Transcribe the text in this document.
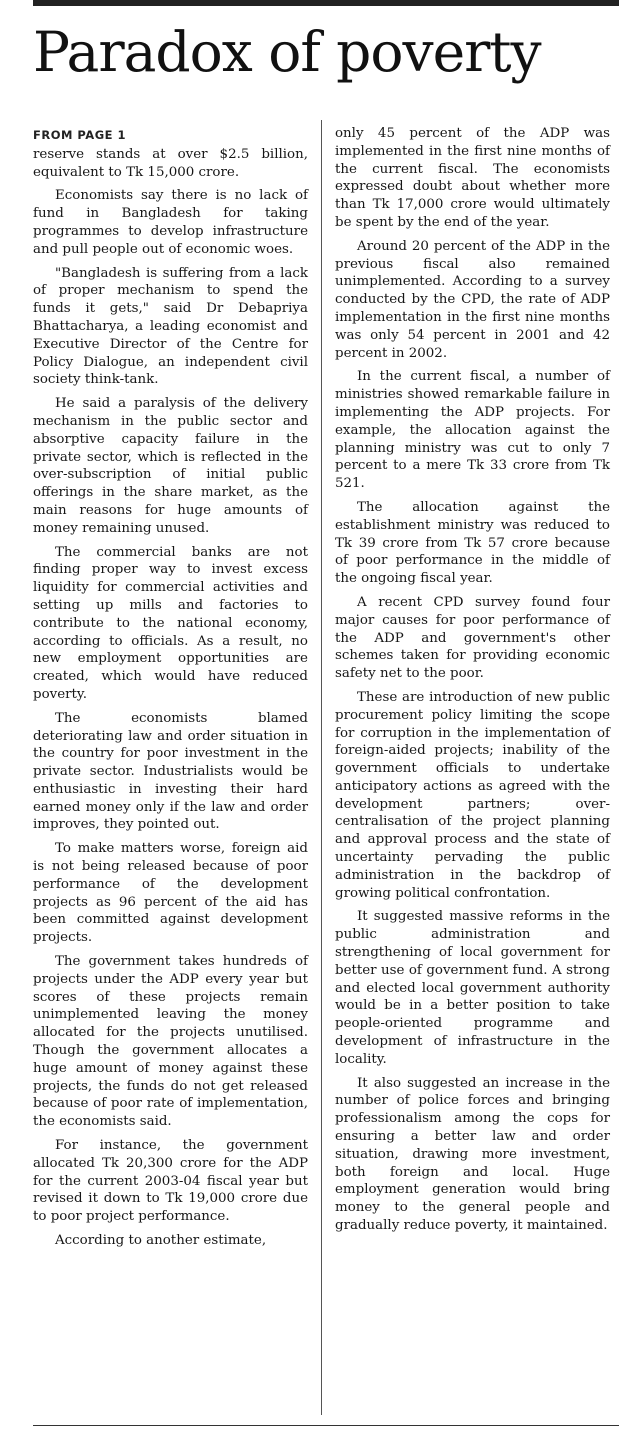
Paradox of poverty
FROM PAGE 1

reserve stands at over $2.5 billion, equivalent to Tk 15,000 crore.

Economists say there is no lack of fund in Bangladesh for taking programmes to develop infrastructure and pull people out of economic woes.

"Bangladesh is suffering from a lack of proper mechanism to spend the funds it gets," said Dr Debapriya Bhattacharya, a leading economist and Executive Director of the Centre for Policy Dialogue, an independent civil society think-tank.

He said a paralysis of the delivery mechanism in the public sector and absorptive capacity failure in the private sector, which is reflected in the over-subscription of initial public offerings in the share market, as the main reasons for huge amounts of money remaining unused.

The commercial banks are not finding proper way to invest excess liquidity for commercial activities and setting up mills and factories to contribute to the national economy, according to officials. As a result, no new employment opportunities are created, which would have reduced poverty.

The economists blamed deteriorating law and order situation in the country for poor investment in the private sector. Industrialists would be enthusiastic in investing their hard earned money only if the law and order improves, they pointed out.

To make matters worse, foreign aid is not being released because of poor performance of the development projects as 96 percent of the aid has been committed against development projects.

The government takes hundreds of projects under the ADP every year but scores of these projects remain unimplemented leaving the money allocated for the projects unutilised. Though the government allocates a huge amount of money against these projects, the funds do not get released because of poor rate of implementation, the economists said.

For instance, the government allocated Tk 20,300 crore for the ADP for the current 2003-04 fiscal year but revised it down to Tk 19,000 crore due to poor project performance.

According to another estimate,

only 45 percent of the ADP was implemented in the first nine months of the current fiscal. The economists expressed doubt about whether more than Tk 17,000 crore would ultimately be spent by the end of the year.

Around 20 percent of the ADP in the previous fiscal also remained unimplemented. According to a survey conducted by the CPD, the rate of ADP implementation in the first nine months was only 54 percent in 2001 and 42 percent in 2002.

In the current fiscal, a number of ministries showed remarkable failure in implementing the ADP projects. For example, the allocation against the planning ministry was cut to only 7 percent to a mere Tk 33 crore from Tk 521.

The allocation against the establishment ministry was reduced to Tk 39 crore from Tk 57 crore because of poor performance in the middle of the ongoing fiscal year.

A recent CPD survey found four major causes for poor performance of the ADP and government's other schemes taken for providing economic safety net to the poor.

These are introduction of new public procurement policy limiting the scope for corruption in the implementation of foreign-aided projects; inability of the government officials to undertake anticipatory actions as agreed with the development partners; over-centralisation of the project planning and approval process and the state of uncertainty pervading the public administration in the backdrop of growing political confrontation.

It suggested massive reforms in the public administration and strengthening of local government for better use of government fund. A strong and elected local government authority would be in a better position to take people-oriented programme and development of infrastructure in the locality.

It also suggested an increase in the number of police forces and bringing professionalism among the cops for ensuring a better law and order situation, drawing more investment, both foreign and local. Huge employment generation would bring money to the general people and gradually reduce poverty, it maintained.
